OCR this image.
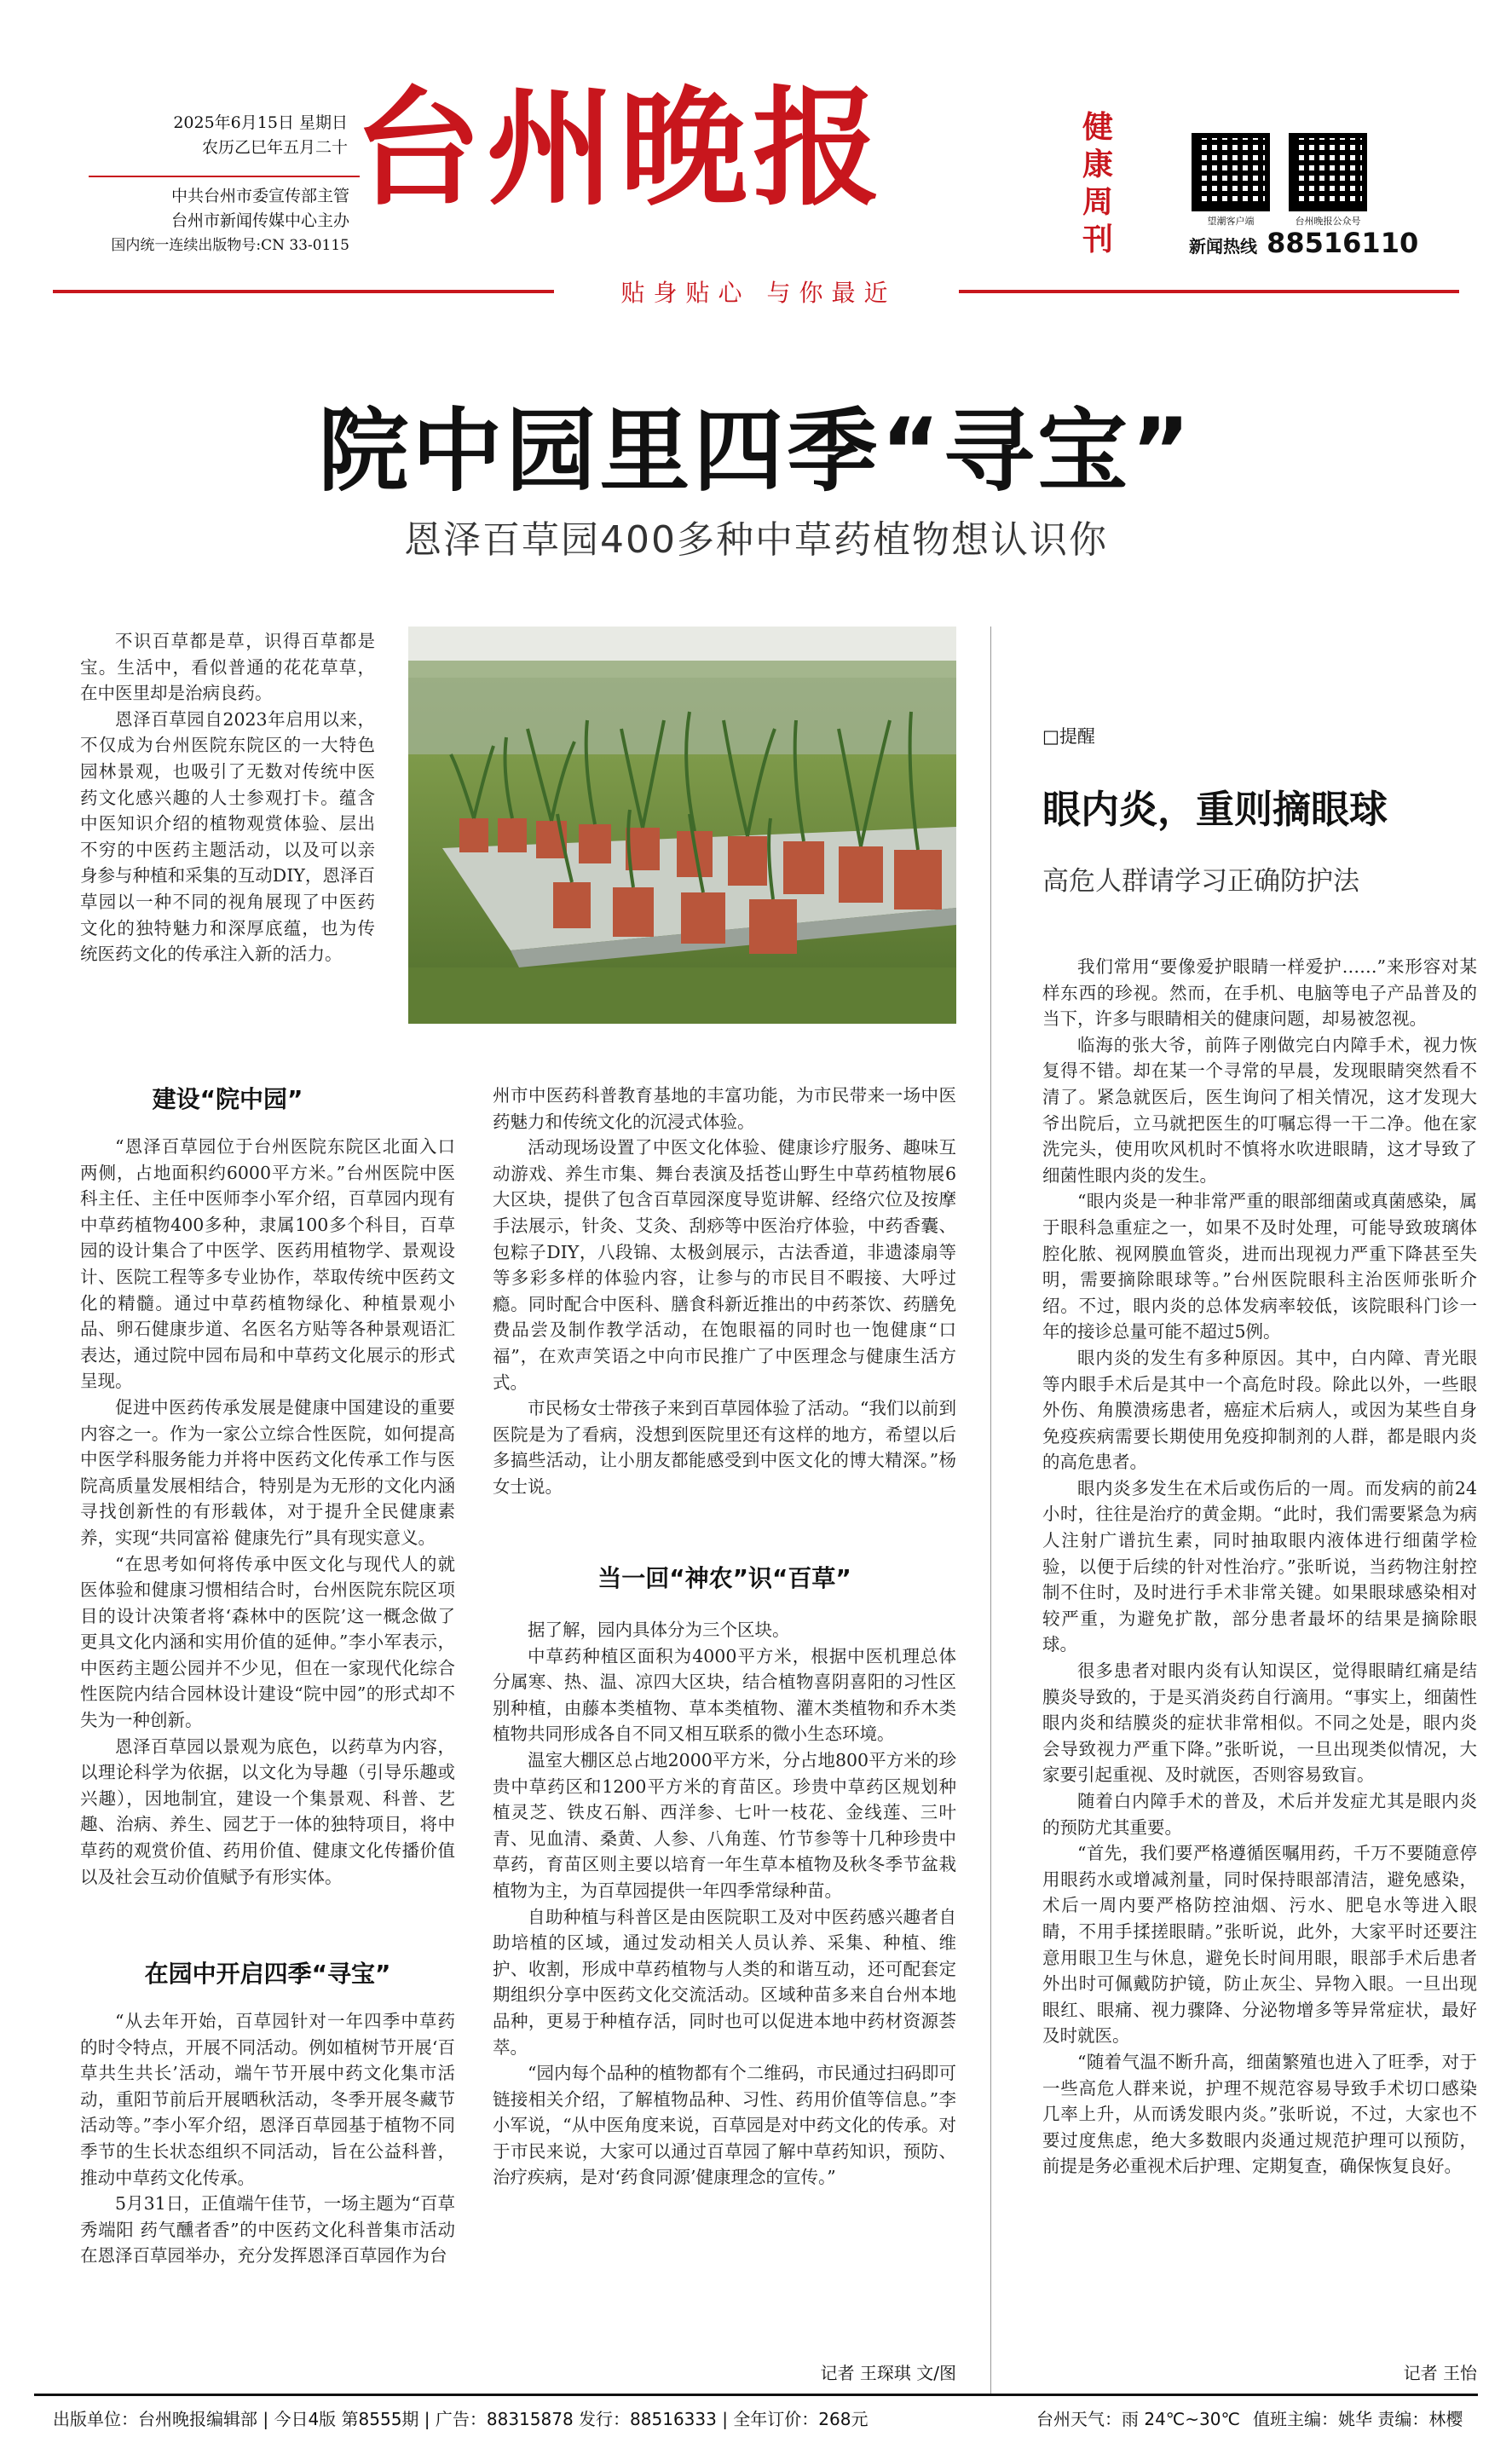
2025年6月15日 星期日
农历乙巳年五月二十
中共台州市委宣传部主管
台州市新闻传媒中心主办
国内统一连续出版物号:CN 33-0115
台州晚报	健康周刊
望潮客户端	台州晚报公众号
新闻热线 88516110
贴身贴心 与你最近
院中园里四季“寻宝”
恩泽百草园400多种中草药植物想认识你

不识百草都是草，识得百草都是宝。生活中，看似普通的花花草草，在中医里却是治病良药。

恩泽百草园自2023年启用以来，不仅成为台州医院东院区的一大特色园林景观，也吸引了无数对传统中医药文化感兴趣的人士参观打卡。蕴含中医知识介绍的植物观赏体验、层出不穷的中医药主题活动，以及可以亲身参与种植和采集的互动DIY，恩泽百草园以一种不同的视角展现了中医药文化的独特魅力和深厚底蕴，也为传统医药文化的传承注入新的活力。

建设“院中园”

“恩泽百草园位于台州医院东院区北面入口两侧，占地面积约6000平方米。”台州医院中医科主任、主任中医师李小军介绍，百草园内现有中草药植物400多种，隶属100多个科目，百草园的设计集合了中医学、医药用植物学、景观设计、医院工程等多专业协作，萃取传统中医药文化的精髓。通过中草药植物绿化、种植景观小品、卵石健康步道、名医名方贴等各种景观语汇表达，通过院中园布局和中草药文化展示的形式呈现。

促进中医药传承发展是健康中国建设的重要内容之一。作为一家公立综合性医院，如何提高中医学科服务能力并将中医药文化传承工作与医院高质量发展相结合，特别是为无形的文化内涵寻找创新性的有形载体，对于提升全民健康素养，实现“共同富裕 健康先行”具有现实意义。

“在思考如何将传承中医文化与现代人的就医体验和健康习惯相结合时，台州医院东院区项目的设计决策者将‘森林中的医院’这一概念做了更具文化内涵和实用价值的延伸。”李小军表示，中医药主题公园并不少见，但在一家现代化综合性医院内结合园林设计建设“院中园”的形式却不失为一种创新。

恩泽百草园以景观为底色，以药草为内容，以理论科学为依据，以文化为导趣（引导乐趣或兴趣），因地制宜，建设一个集景观、科普、艺趣、治病、养生、园艺于一体的独特项目，将中草药的观赏价值、药用价值、健康文化传播价值以及社会互动价值赋予有形实体。

在园中开启四季“寻宝”

“从去年开始，百草园针对一年四季中草药的时令特点，开展不同活动。例如植树节开展‘百草共生共长’活动，端午节开展中药文化集市活动，重阳节前后开展晒秋活动，冬季开展冬藏节活动等。”李小军介绍，恩泽百草园基于植物不同季节的生长状态组织不同活动，旨在公益科普，推动中草药文化传承。

5月31日，正值端午佳节，一场主题为“百草秀端阳 药气醺者香”的中医药文化科普集市活动在恩泽百草园举办，充分发挥恩泽百草园作为台

州市中医药科普教育基地的丰富功能，为市民带来一场中医药魅力和传统文化的沉浸式体验。

活动现场设置了中医文化体验、健康诊疗服务、趣味互动游戏、养生市集、舞台表演及括苍山野生中草药植物展6大区块，提供了包含百草园深度导览讲解、经络穴位及按摩手法展示，针灸、艾灸、刮痧等中医治疗体验，中药香囊、包粽子DIY，八段锦、太极剑展示，古法香道，非遗漆扇等等多彩多样的体验内容，让参与的市民目不暇接、大呼过瘾。同时配合中医科、膳食科新近推出的中药茶饮、药膳免费品尝及制作教学活动，在饱眼福的同时也一饱健康“口福”，在欢声笑语之中向市民推广了中医理念与健康生活方式。

市民杨女士带孩子来到百草园体验了活动。“我们以前到医院是为了看病，没想到医院里还有这样的地方，希望以后多搞些活动，让小朋友都能感受到中医文化的博大精深。”杨女士说。

当一回“神农”识“百草”

据了解，园内具体分为三个区块。

中草药种植区面积为4000平方米，根据中医机理总体分属寒、热、温、凉四大区块，结合植物喜阴喜阳的习性区别种植，由藤本类植物、草本类植物、灌木类植物和乔木类植物共同形成各自不同又相互联系的微小生态环境。

温室大棚区总占地2000平方米，分占地800平方米的珍贵中草药区和1200平方米的育苗区。珍贵中草药区规划种植灵芝、铁皮石斛、西洋参、七叶一枝花、金线莲、三叶青、见血清、桑黄、人参、八角莲、竹节参等十几种珍贵中草药，育苗区则主要以培育一年生草本植物及秋冬季节盆栽植物为主，为百草园提供一年四季常绿种苗。

自助种植与科普区是由医院职工及对中医药感兴趣者自助培植的区域，通过发动相关人员认养、采集、种植、维护、收割，形成中草药植物与人类的和谐互动，还可配套定期组织分享中医药文化交流活动。区域种苗多来自台州本地品种，更易于种植存活，同时也可以促进本地中药材资源荟萃。

“园内每个品种的植物都有个二维码，市民通过扫码即可链接相关介绍，了解植物品种、习性、药用价值等信息。”李小军说，“从中医角度来说，百草园是对中药文化的传承。对于市民来说，大家可以通过百草园了解中草药知识，预防、治疗疾病，是对‘药食同源’健康理念的宣传。”

记者 王琛琪 文/图
□提醒
眼内炎，重则摘眼球
高危人群请学习正确防护法

我们常用“要像爱护眼睛一样爱护……”来形容对某样东西的珍视。然而，在手机、电脑等电子产品普及的当下，许多与眼睛相关的健康问题，却易被忽视。

临海的张大爷，前阵子刚做完白内障手术，视力恢复得不错。却在某一个寻常的早晨，发现眼睛突然看不清了。紧急就医后，医生询问了相关情况，这才发现大爷出院后，立马就把医生的叮嘱忘得一干二净。他在家洗完头，使用吹风机时不慎将水吹进眼睛，这才导致了细菌性眼内炎的发生。

“眼内炎是一种非常严重的眼部细菌或真菌感染，属于眼科急重症之一，如果不及时处理，可能导致玻璃体腔化脓、视网膜血管炎，进而出现视力严重下降甚至失明，需要摘除眼球等。”台州医院眼科主治医师张昕介绍。不过，眼内炎的总体发病率较低，该院眼科门诊一年的接诊总量可能不超过5例。

眼内炎的发生有多种原因。其中，白内障、青光眼等内眼手术后是其中一个高危时段。除此以外，一些眼外伤、角膜溃疡患者，癌症术后病人，或因为某些自身免疫疾病需要长期使用免疫抑制剂的人群，都是眼内炎的高危患者。

眼内炎多发生在术后或伤后的一周。而发病的前24小时，往往是治疗的黄金期。“此时，我们需要紧急为病人注射广谱抗生素，同时抽取眼内液体进行细菌学检验，以便于后续的针对性治疗。”张昕说，当药物注射控制不住时，及时进行手术非常关键。如果眼球感染相对较严重，为避免扩散，部分患者最坏的结果是摘除眼球。

很多患者对眼内炎有认知误区，觉得眼睛红痛是结膜炎导致的，于是买消炎药自行滴用。“事实上，细菌性眼内炎和结膜炎的症状非常相似。不同之处是，眼内炎会导致视力严重下降。”张昕说，一旦出现类似情况，大家要引起重视、及时就医，否则容易致盲。

随着白内障手术的普及，术后并发症尤其是眼内炎的预防尤其重要。

“首先，我们要严格遵循医嘱用药，千万不要随意停用眼药水或增减剂量，同时保持眼部清洁，避免感染，术后一周内要严格防控油烟、污水、肥皂水等进入眼睛，不用手揉搓眼睛。”张昕说，此外，大家平时还要注意用眼卫生与休息，避免长时间用眼，眼部手术后患者外出时可佩戴防护镜，防止灰尘、异物入眼。一旦出现眼红、眼痛、视力骤降、分泌物增多等异常症状，最好及时就医。

“随着气温不断升高，细菌繁殖也进入了旺季，对于一些高危人群来说，护理不规范容易导致手术切口感染几率上升，从而诱发眼内炎。”张昕说，不过，大家也不要过度焦虑，绝大多数眼内炎通过规范护理可以预防，前提是务必重视术后护理、定期复查，确保恢复良好。

记者 王怡
出版单位：台州晚报编辑部 | 今日4版 第8555期 | 广告：88315878 发行：88516333 | 全年订价：268元	台州天气：雨 24℃~30℃ 值班主编：姚华 责编：林樱
